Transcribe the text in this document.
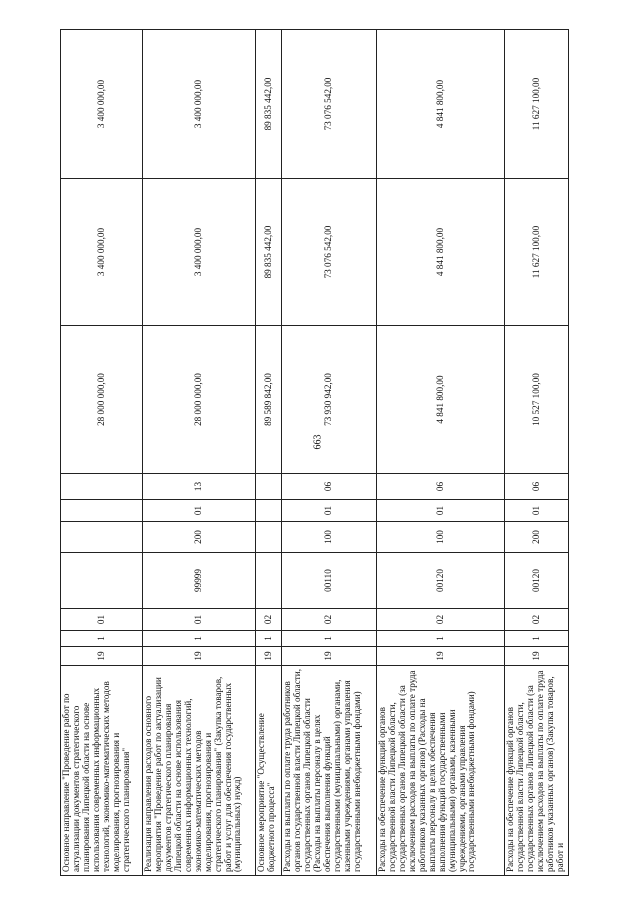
663
Основное направление "Проведение работ по актуализации документов стратегического планирования Липецкой области на основе использования современных информационных технологий, экономико-математических методов моделирования, прогнозирования и стратегического планирования"	19	1	01					28 000 000,00	3 400 000,00	3 400 000,00
Реализация направления расходов основного мероприятия "Проведение работ по актуализации документов стратегического планирования Липецкой области на основе использования современных информационных технологий, экономико-математических методов моделирования, прогнозирования и стратегического планирования" (Закупка товаров, работ и услуг для обеспечения государственных (муниципальных) нужд)	19	1	01	99999	200	01	13	28 000 000,00	3 400 000,00	3 400 000,00
Основное мероприятие "Осуществление бюджетного процесса"	19	1	02					89 589 842,00	89 835 442,00	89 835 442,00
Расходы на выплаты по оплате труда работников органов государственной власти Липецкой области, государственных органов Липецкой области (Расходы на выплаты персоналу в целях обеспечения выполнения функций государственными (муниципальными) органами, казенными учреждениями, органами управления государственными внебюджетными фондами)	19	1	02	00110	100	01	06	73 930 942,00	73 076 542,00	73 076 542,00
Расходы на обеспечение функций органов государственной власти Липецкой области, государственных органов Липецкой области (за исключением расходов на выплаты по оплате труда работников указанных органов) (Расходы на выплаты персоналу в целях обеспечения выполнения функций государственными (муниципальными) органами, казенными учреждениями, органами управления государственными внебюджетными фондами)	19	1	02	00120	100	01	06	4 841 800,00	4 841 800,00	4 841 800,00
Расходы на обеспечение функций органов государственной власти Липецкой области, государственных органов Липецкой области (за исключением расходов на выплаты по оплате труда работников указанных органов) (Закупка товаров, работ и	19	1	02	00120	200	01	06	10 527 100,00	11 627 100,00	11 627 100,00
